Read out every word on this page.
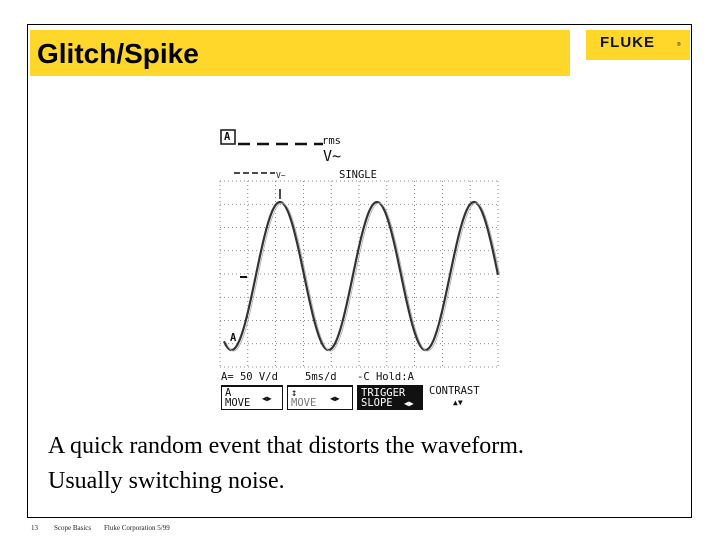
Glitch/Spike	FLUKE	®
A	rms
V~
V~	SINGLE
A
A= 50 V/d	5ms/d -C Hold:A
A
MOVE ◀▶ ↕
MOVE ◀▶ TRIGGER
SLOPE ◀▶
CONTRAST
▲▼
A quick random event that distorts the waveform.
Usually switching noise.
13 Scope Basics Fluke Corporation 5/99
